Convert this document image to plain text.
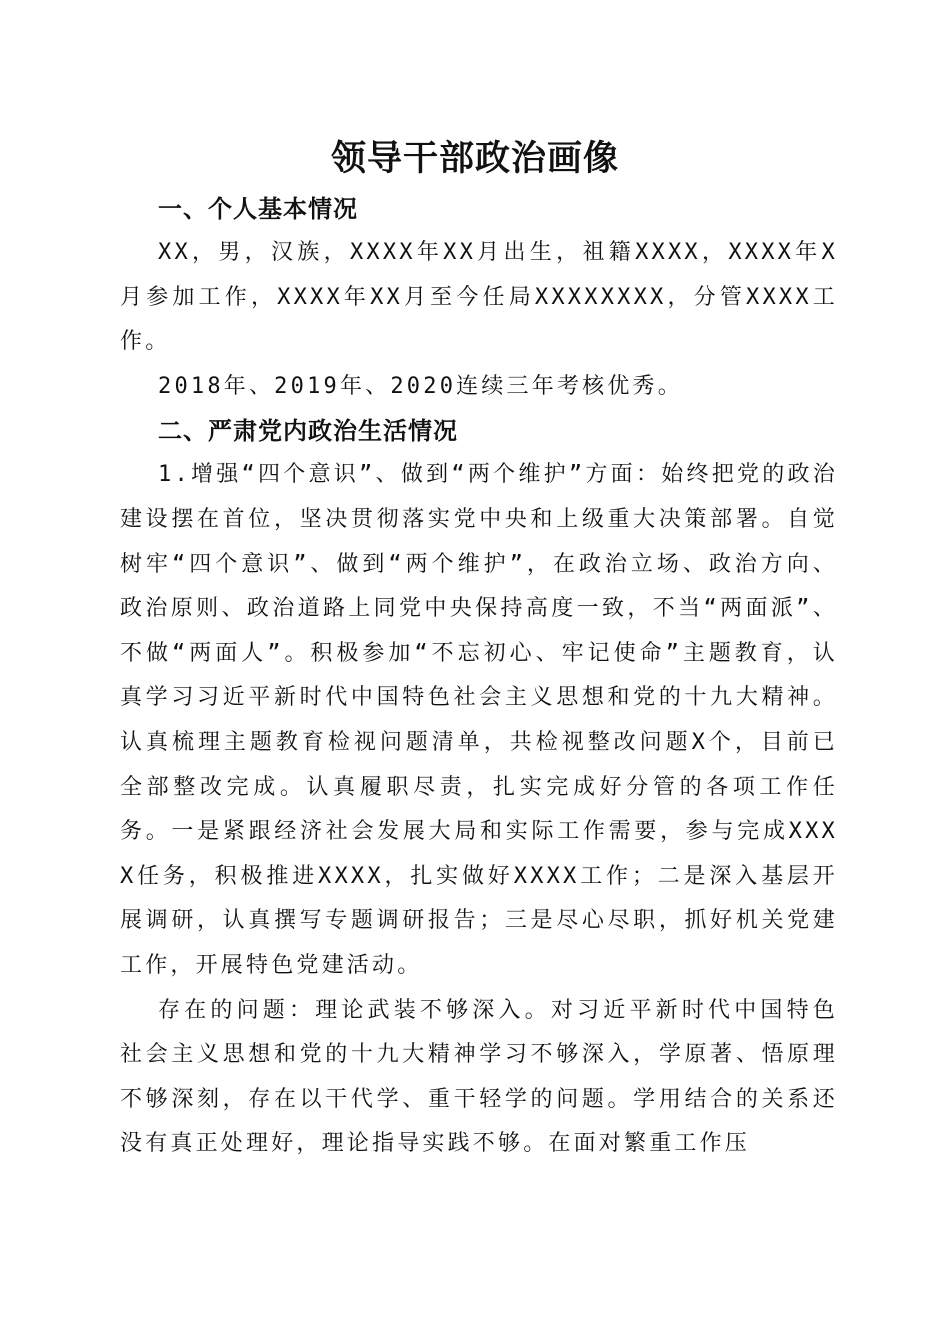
领导干部政治画像

一、个人基本情况

XX，男，汉族，XXXX年XX月出生，祖籍XXXX，XXXX年X月参加工作，XXXX年XX月至今任局XXXXXXXX，分管XXXX工作。

2018年、2019年、2020连续三年考核优秀。

二、严肃党内政治生活情况

1.增强“四个意识”、做到“两个维护”方面：始终把党的政治建设摆在首位，坚决贯彻落实党中央和上级重大决策部署。自觉树牢“四个意识”、做到“两个维护”，在政治立场、政治方向、政治原则、政治道路上同党中央保持高度一致，不当“两面派”、不做“两面人”。积极参加“不忘初心、牢记使命”主题教育，认真学习习近平新时代中国特色社会主义思想和党的十九大精神。认真梳理主题教育检视问题清单，共检视整改问题X个，目前已全部整改完成。认真履职尽责，扎实完成好分管的各项工作任务。一是紧跟经济社会发展大局和实际工作需要，参与完成XXXX任务，积极推进XXXX，扎实做好XXXX工作；二是深入基层开展调研，认真撰写专题调研报告；三是尽心尽职，抓好机关党建工作，开展特色党建活动。

存在的问题：理论武装不够深入。对习近平新时代中国特色社会主义思想和党的十九大精神学习不够深入，学原著、悟原理不够深刻，存在以干代学、重干轻学的问题。学用结合的关系还没有真正处理好，理论指导实践不够。在面对繁重工作压
